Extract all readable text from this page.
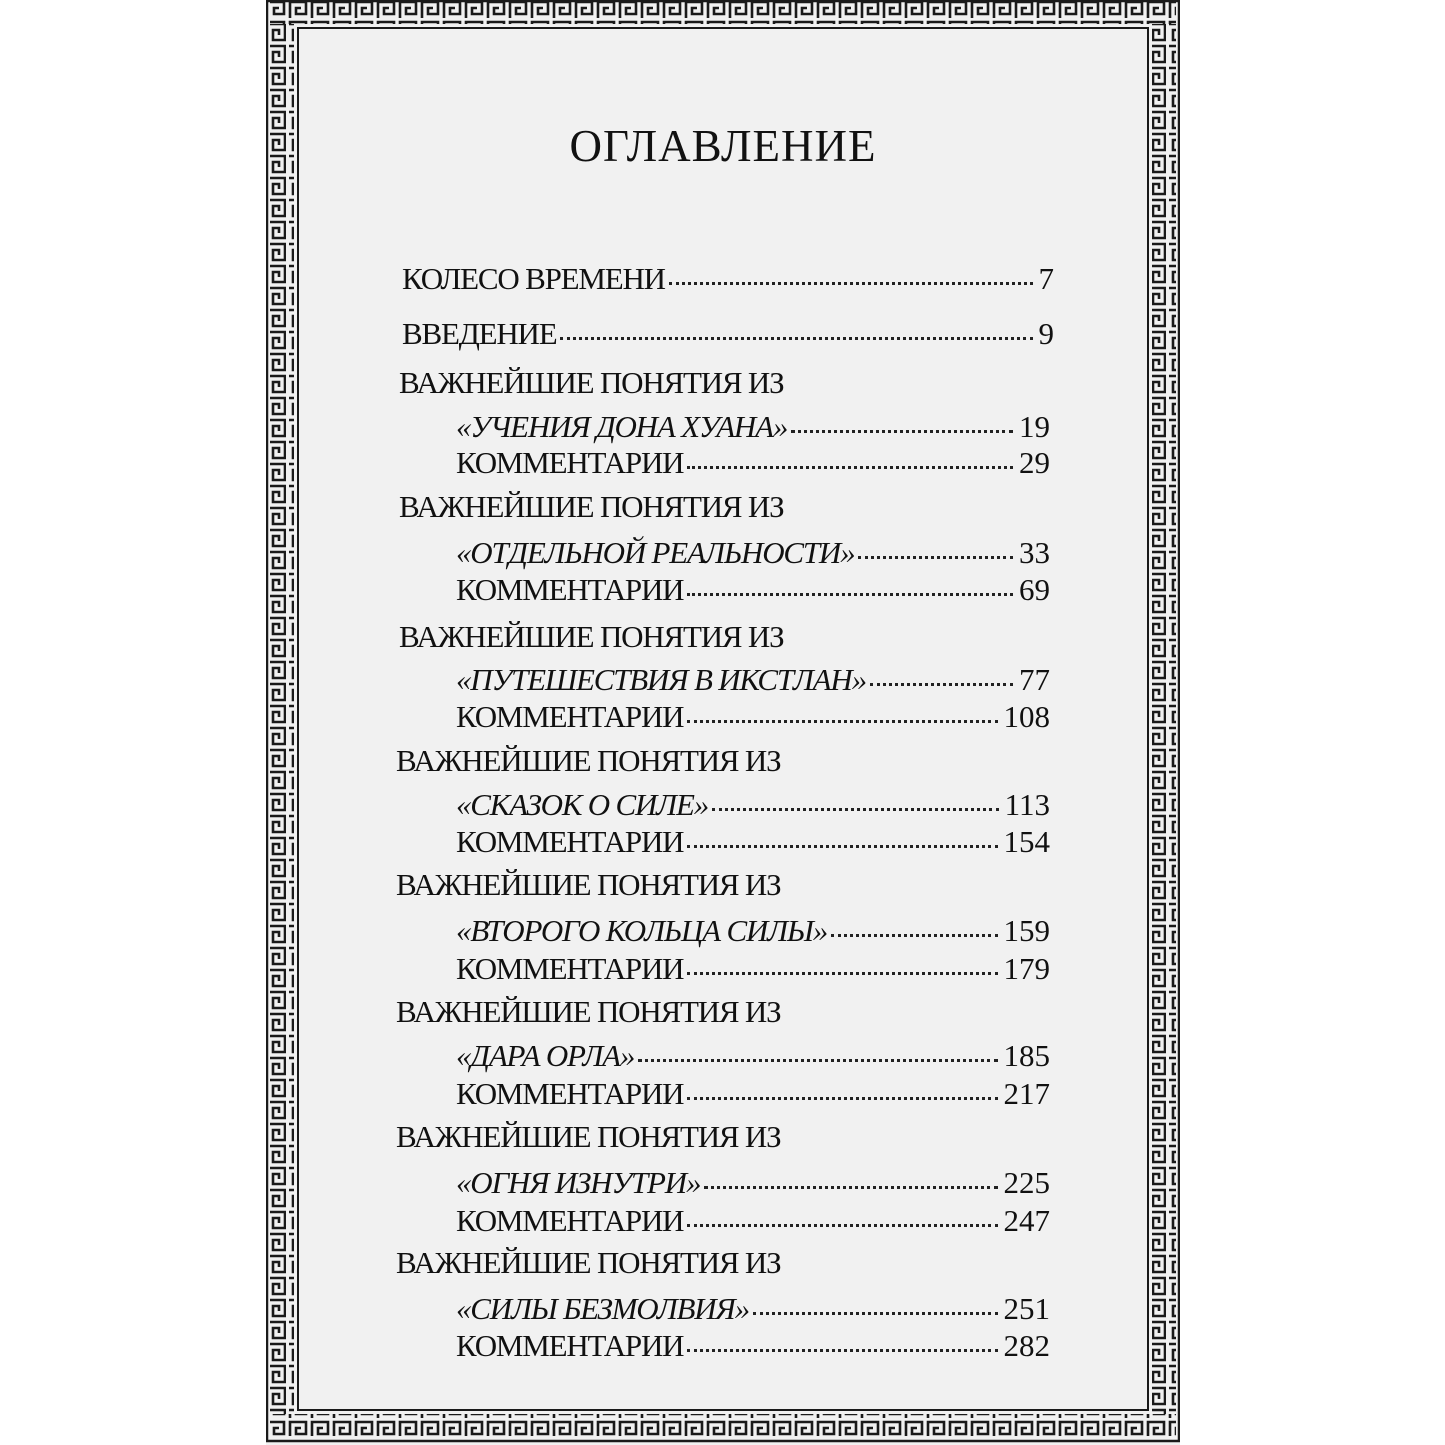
ОГЛАВЛЕНИЕ
КОЛЕСО ВРЕМЕНИ	7
ВВЕДЕНИЕ	9
ВАЖНЕЙШИЕ ПОНЯТИЯ ИЗ
«УЧЕНИЯ ДОНА ХУАНА»	19
КОММЕНТАРИИ	29
ВАЖНЕЙШИЕ ПОНЯТИЯ ИЗ
«ОТДЕЛЬНОЙ РЕАЛЬНОСТИ»	33
КОММЕНТАРИИ	69
ВАЖНЕЙШИЕ ПОНЯТИЯ ИЗ
«ПУТЕШЕСТВИЯ В ИКСТЛАН»	77
КОММЕНТАРИИ	108
ВАЖНЕЙШИЕ ПОНЯТИЯ ИЗ
«СКАЗОК О СИЛЕ»	113
КОММЕНТАРИИ	154
ВАЖНЕЙШИЕ ПОНЯТИЯ ИЗ
«ВТОРОГО КОЛЬЦА СИЛЫ»	159
КОММЕНТАРИИ	179
ВАЖНЕЙШИЕ ПОНЯТИЯ ИЗ
«ДАРА ОРЛА»	185
КОММЕНТАРИИ	217
ВАЖНЕЙШИЕ ПОНЯТИЯ ИЗ
«ОГНЯ ИЗНУТРИ»	225
КОММЕНТАРИИ	247
ВАЖНЕЙШИЕ ПОНЯТИЯ ИЗ
«СИЛЫ БЕЗМОЛВИЯ»	251
КОММЕНТАРИИ	282
